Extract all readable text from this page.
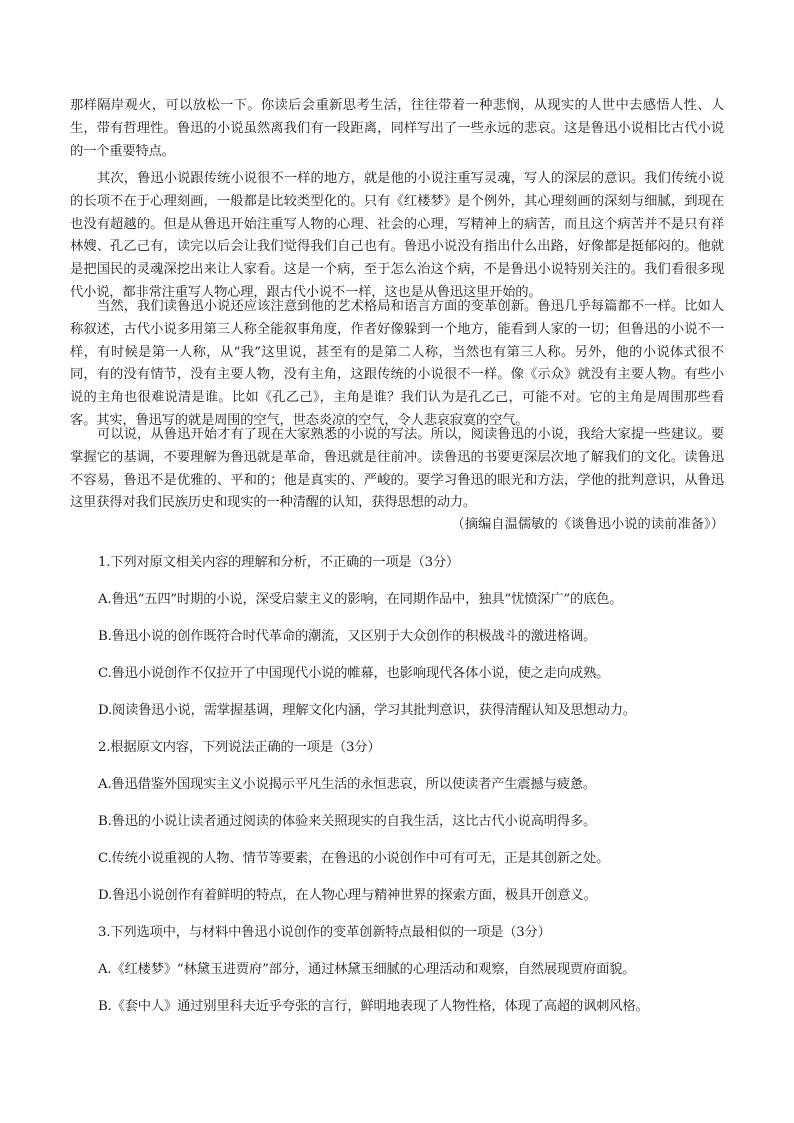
那样隔岸观火，可以放松一下。你读后会重新思考生活，往往带着一种悲悯，从现实的人世中去感悟人性、人生，带有哲理性。鲁迅的小说虽然离我们有一段距离，同样写出了一些永远的悲哀。这是鲁迅小说相比古代小说的一个重要特点。

其次，鲁迅小说跟传统小说很不一样的地方，就是他的小说注重写灵魂，写人的深层的意识。我们传统小说的长项不在于心理刻画，一般都是比较类型化的。只有《红楼梦》是个例外，其心理刻画的深刻与细腻，到现在也没有超越的。但是从鲁迅开始注重写人物的心理、社会的心理，写精神上的病苦，而且这个病苦并不是只有祥林嫂、孔乙己有，读完以后会让我们觉得我们自己也有。鲁迅小说没有指出什么出路，好像都是挺郁闷的。他就是把国民的灵魂深挖出来让人家看。这是一个病，至于怎么治这个病，不是鲁迅小说特别关注的。我们看很多现代小说，都非常注重写人物心理，跟古代小说不一样，这也是从鲁迅这里开始的。

当然，我们读鲁迅小说还应该注意到他的艺术格局和语言方面的变革创新。鲁迅几乎每篇都不一样。比如人称叙述，古代小说多用第三人称全能叙事角度，作者好像躲到一个地方，能看到人家的一切；但鲁迅的小说不一样，有时候是第一人称，从“我”这里说，甚至有的是第二人称，当然也有第三人称。另外，他的小说体式很不同，有的没有情节，没有主要人物，没有主角，这跟传统的小说很不一样。像《示众》就没有主要人物。有些小说的主角也很难说清是谁。比如《孔乙己》，主角是谁？我们认为是孔乙己，可能不对。它的主角是周围那些看客。其实，鲁迅写的就是周围的空气，世态炎凉的空气，令人悲哀寂寞的空气。

可以说，从鲁迅开始才有了现在大家熟悉的小说的写法。所以，阅读鲁迅的小说，我给大家提一些建议。要掌握它的基调，不要理解为鲁迅就是革命，鲁迅就是往前冲。读鲁迅的书要更深层次地了解我们的文化。读鲁迅不容易，鲁迅不是优雅的、平和的；他是真实的、严峻的。要学习鲁迅的眼光和方法，学他的批判意识，从鲁迅这里获得对我们民族历史和现实的一种清醒的认知，获得思想的动力。

（摘编自温儒敏的《谈鲁迅小说的读前准备》）

1.下列对原文相关内容的理解和分析，不正确的一项是（3分）

A.鲁迅“五四”时期的小说，深受启蒙主义的影响，在同期作品中，独具“忧愤深广”的底色。

B.鲁迅小说的创作既符合时代革命的潮流，又区别于大众创作的积极战斗的激进格调。

C.鲁迅小说创作不仅拉开了中国现代小说的帷幕，也影响现代各体小说，使之走向成熟。

D.阅读鲁迅小说，需掌握基调，理解文化内涵，学习其批判意识，获得清醒认知及思想动力。

2.根据原文内容，下列说法正确的一项是（3分）

A.鲁迅借鉴外国现实主义小说揭示平凡生活的永恒悲哀，所以使读者产生震撼与疲惫。

B.鲁迅的小说让读者通过阅读的体验来关照现实的自我生活，这比古代小说高明得多。

C.传统小说重视的人物、情节等要素，在鲁迅的小说创作中可有可无，正是其创新之处。

D.鲁迅小说创作有着鲜明的特点，在人物心理与精神世界的探索方面，极具开创意义。

3.下列选项中，与材料中鲁迅小说创作的变革创新特点最相似的一项是（3分）

A.《红楼梦》“林黛玉进贾府”部分，通过林黛玉细腻的心理活动和观察，自然展现贾府面貌。

B.《套中人》通过别里科夫近乎夸张的言行，鲜明地表现了人物性格，体现了高超的讽刺风格。
